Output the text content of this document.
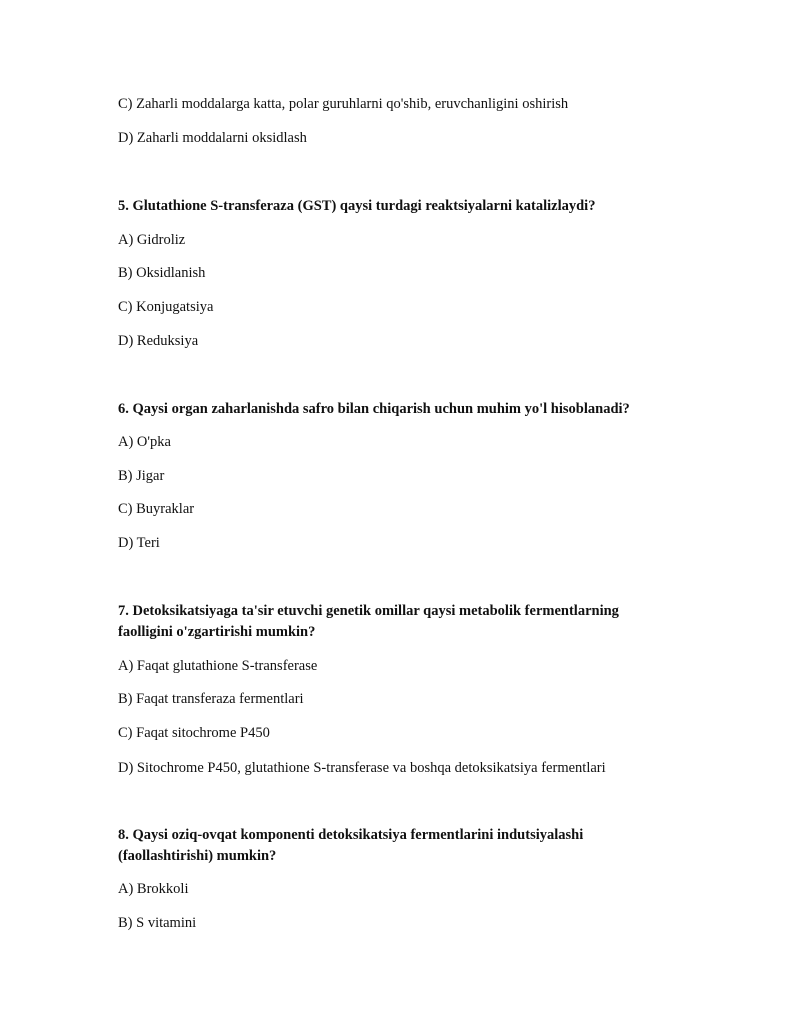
C) Zaharli moddalarga katta, polar guruhlarni qo'shib, eruvchanligini oshirish
D) Zaharli moddalarni oksidlash
5. Glutathione S-transferaza (GST) qaysi turdagi reaktsiyalarni katalizlaydi?
A) Gidroliz
B) Oksidlanish
C) Konjugatsiya
D) Reduksiya
6. Qaysi organ zaharlanishda safro bilan chiqarish uchun muhim yo'l hisoblanadi?
A) O'pka
B) Jigar
C) Buyraklar
D) Teri
7. Detoksikatsiyaga ta'sir etuvchi genetik omillar qaysi metabolik fermentlarning
faolligini o'zgartirishi mumkin?
A) Faqat glutathione S-transferase
B) Faqat transferaza fermentlari
C) Faqat sitochrome P450
D) Sitochrome P450, glutathione S-transferase va boshqa detoksikatsiya fermentlari
8. Qaysi oziq-ovqat komponenti detoksikatsiya fermentlarini indutsiyalashi
(faollashtirishi) mumkin?
A) Brokkoli
B) S vitamini
